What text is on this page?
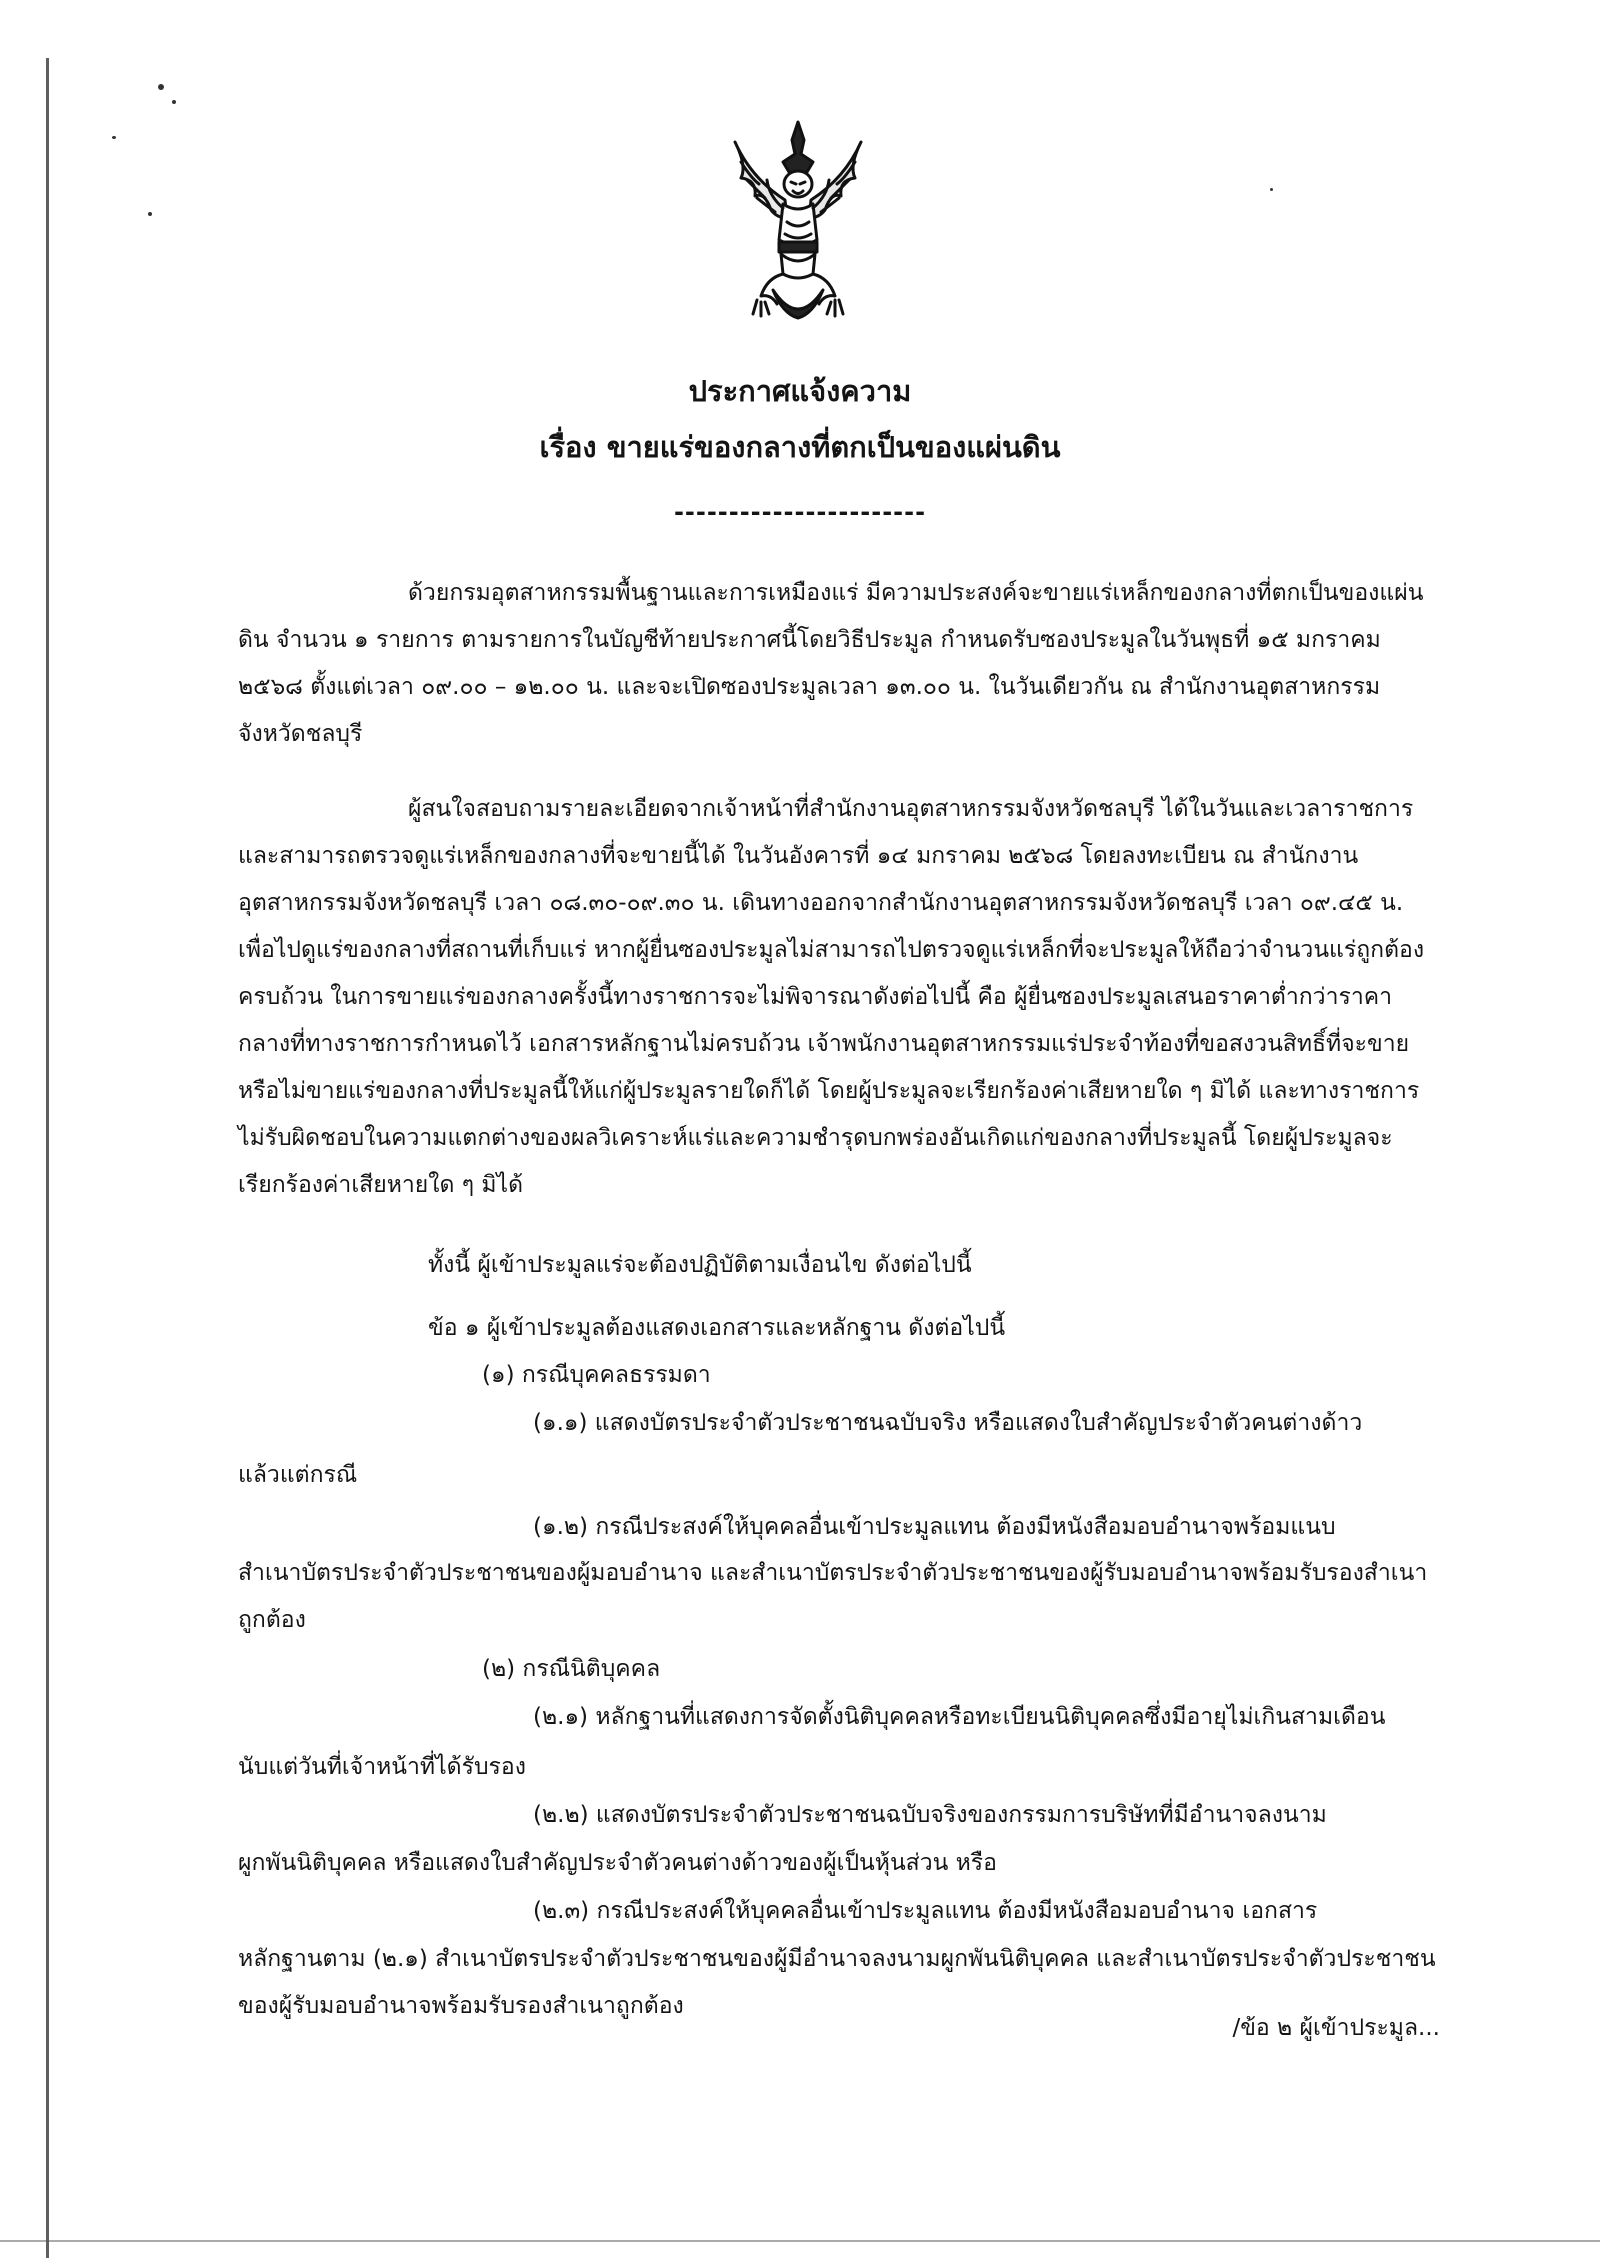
ประกาศแจ้งความ
เรื่อง ขายแร่ของกลางที่ตกเป็นของแผ่นดิน
-----------------------

ด้วยกรมอุตสาหกรรมพื้นฐานและการเหมืองแร่ มีความประสงค์จะขายแร่เหล็กของกลางที่ตกเป็นของแผ่นดิน จำนวน ๑ รายการ ตามรายการในบัญชีท้ายประกาศนี้โดยวิธีประมูล กำหนดรับซองประมูลในวันพุธที่ ๑๕ มกราคม ๒๕๖๘ ตั้งแต่เวลา ๐๙.๐๐ – ๑๒.๐๐ น. และจะเปิดซองประมูลเวลา ๑๓.๐๐ น. ในวันเดียวกัน ณ สำนักงานอุตสาหกรรมจังหวัดชลบุรี

ผู้สนใจสอบถามรายละเอียดจากเจ้าหน้าที่สำนักงานอุตสาหกรรมจังหวัดชลบุรี ได้ในวันและเวลาราชการ และสามารถตรวจดูแร่เหล็กของกลางที่จะขายนี้ได้ ในวันอังคารที่ ๑๔ มกราคม ๒๕๖๘ โดยลงทะเบียน ณ สำนักงานอุตสาหกรรมจังหวัดชลบุรี เวลา ๐๘.๓๐-๐๙.๓๐ น. เดินทางออกจากสำนักงานอุตสาหกรรมจังหวัดชลบุรี เวลา ๐๙.๔๕ น. เพื่อไปดูแร่ของกลางที่สถานที่เก็บแร่ หากผู้ยื่นซองประมูลไม่สามารถไปตรวจดูแร่เหล็กที่จะประมูลให้ถือว่าจำนวนแร่ถูกต้องครบถ้วน ในการขายแร่ของกลางครั้งนี้ทางราชการจะไม่พิจารณาดังต่อไปนี้ คือ ผู้ยื่นซองประมูลเสนอราคาต่ำกว่าราคากลางที่ทางราชการกำหนดไว้ เอกสารหลักฐานไม่ครบถ้วน เจ้าพนักงานอุตสาหกรรมแร่ประจำท้องที่ขอสงวนสิทธิ์ที่จะขายหรือไม่ขายแร่ของกลางที่ประมูลนี้ให้แก่ผู้ประมูลรายใดก็ได้ โดยผู้ประมูลจะเรียกร้องค่าเสียหายใด ๆ มิได้ และทางราชการไม่รับผิดชอบในความแตกต่างของผลวิเคราะห์แร่และความชำรุดบกพร่องอันเกิดแก่ของกลางที่ประมูลนี้ โดยผู้ประมูลจะเรียกร้องค่าเสียหายใด ๆ มิได้

ทั้งนี้ ผู้เข้าประมูลแร่จะต้องปฏิบัติตามเงื่อนไข ดังต่อไปนี้

ข้อ ๑ ผู้เข้าประมูลต้องแสดงเอกสารและหลักฐาน ดังต่อไปนี้

(๑) กรณีบุคคลธรรมดา

(๑.๑) แสดงบัตรประจำตัวประชาชนฉบับจริง หรือแสดงใบสำคัญประจำตัวคนต่างด้าว

แล้วแต่กรณี

(๑.๒) กรณีประสงค์ให้บุคคลอื่นเข้าประมูลแทน ต้องมีหนังสือมอบอำนาจพร้อมแนบ

สำเนาบัตรประจำตัวประชาชนของผู้มอบอำนาจ และสำเนาบัตรประจำตัวประชาชนของผู้รับมอบอำนาจพร้อมรับรองสำเนาถูกต้อง

(๒) กรณีนิติบุคคล

(๒.๑) หลักฐานที่แสดงการจัดตั้งนิติบุคคลหรือทะเบียนนิติบุคคลซึ่งมีอายุไม่เกินสามเดือน

นับแต่วันที่เจ้าหน้าที่ได้รับรอง

(๒.๒) แสดงบัตรประจำตัวประชาชนฉบับจริงของกรรมการบริษัทที่มีอำนาจลงนาม

ผูกพันนิติบุคคล หรือแสดงใบสำคัญประจำตัวคนต่างด้าวของผู้เป็นหุ้นส่วน หรือ

(๒.๓) กรณีประสงค์ให้บุคคลอื่นเข้าประมูลแทน ต้องมีหนังสือมอบอำนาจ เอกสาร

หลักฐานตาม (๒.๑) สำเนาบัตรประจำตัวประชาชนของผู้มีอำนาจลงนามผูกพันนิติบุคคล และสำเนาบัตรประจำตัวประชาชนของผู้รับมอบอำนาจพร้อมรับรองสำเนาถูกต้อง

/ข้อ ๒ ผู้เข้าประมูล...
